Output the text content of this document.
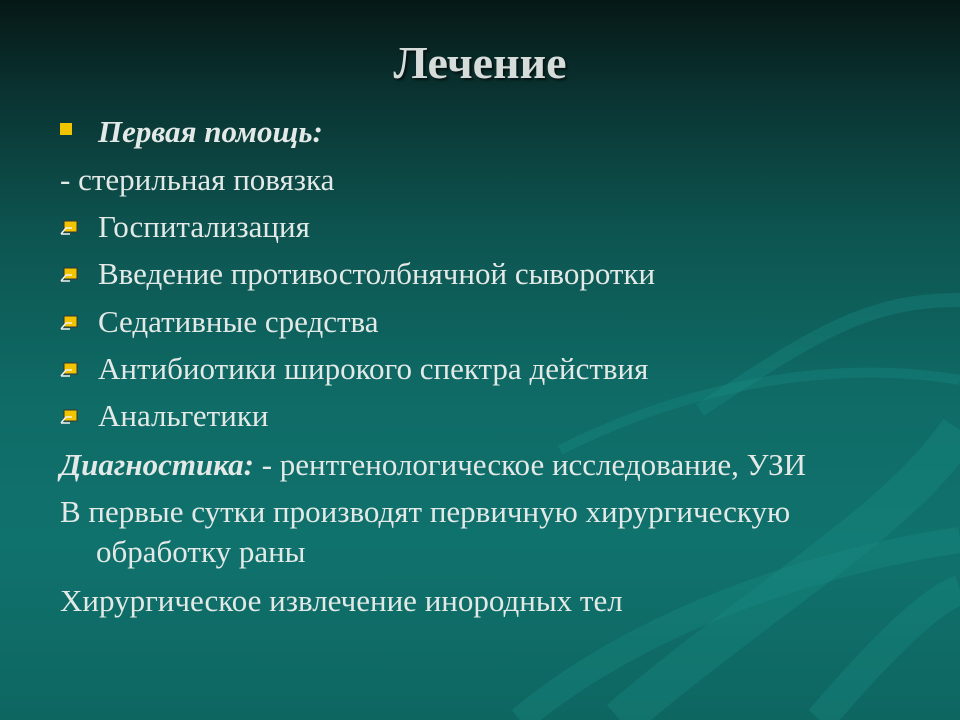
Лечение
Первая помощь:
- стерильная повязка
Госпитализация
Введение противостолбнячной сыворотки
Седативные средства
Антибиотики широкого спектра действия
Анальгетики
Диагностика: - рентгенологическое исследование, УЗИ
В первые сутки производят первичную хирургическую
обработку раны
Хирургическое извлечение инородных тел
